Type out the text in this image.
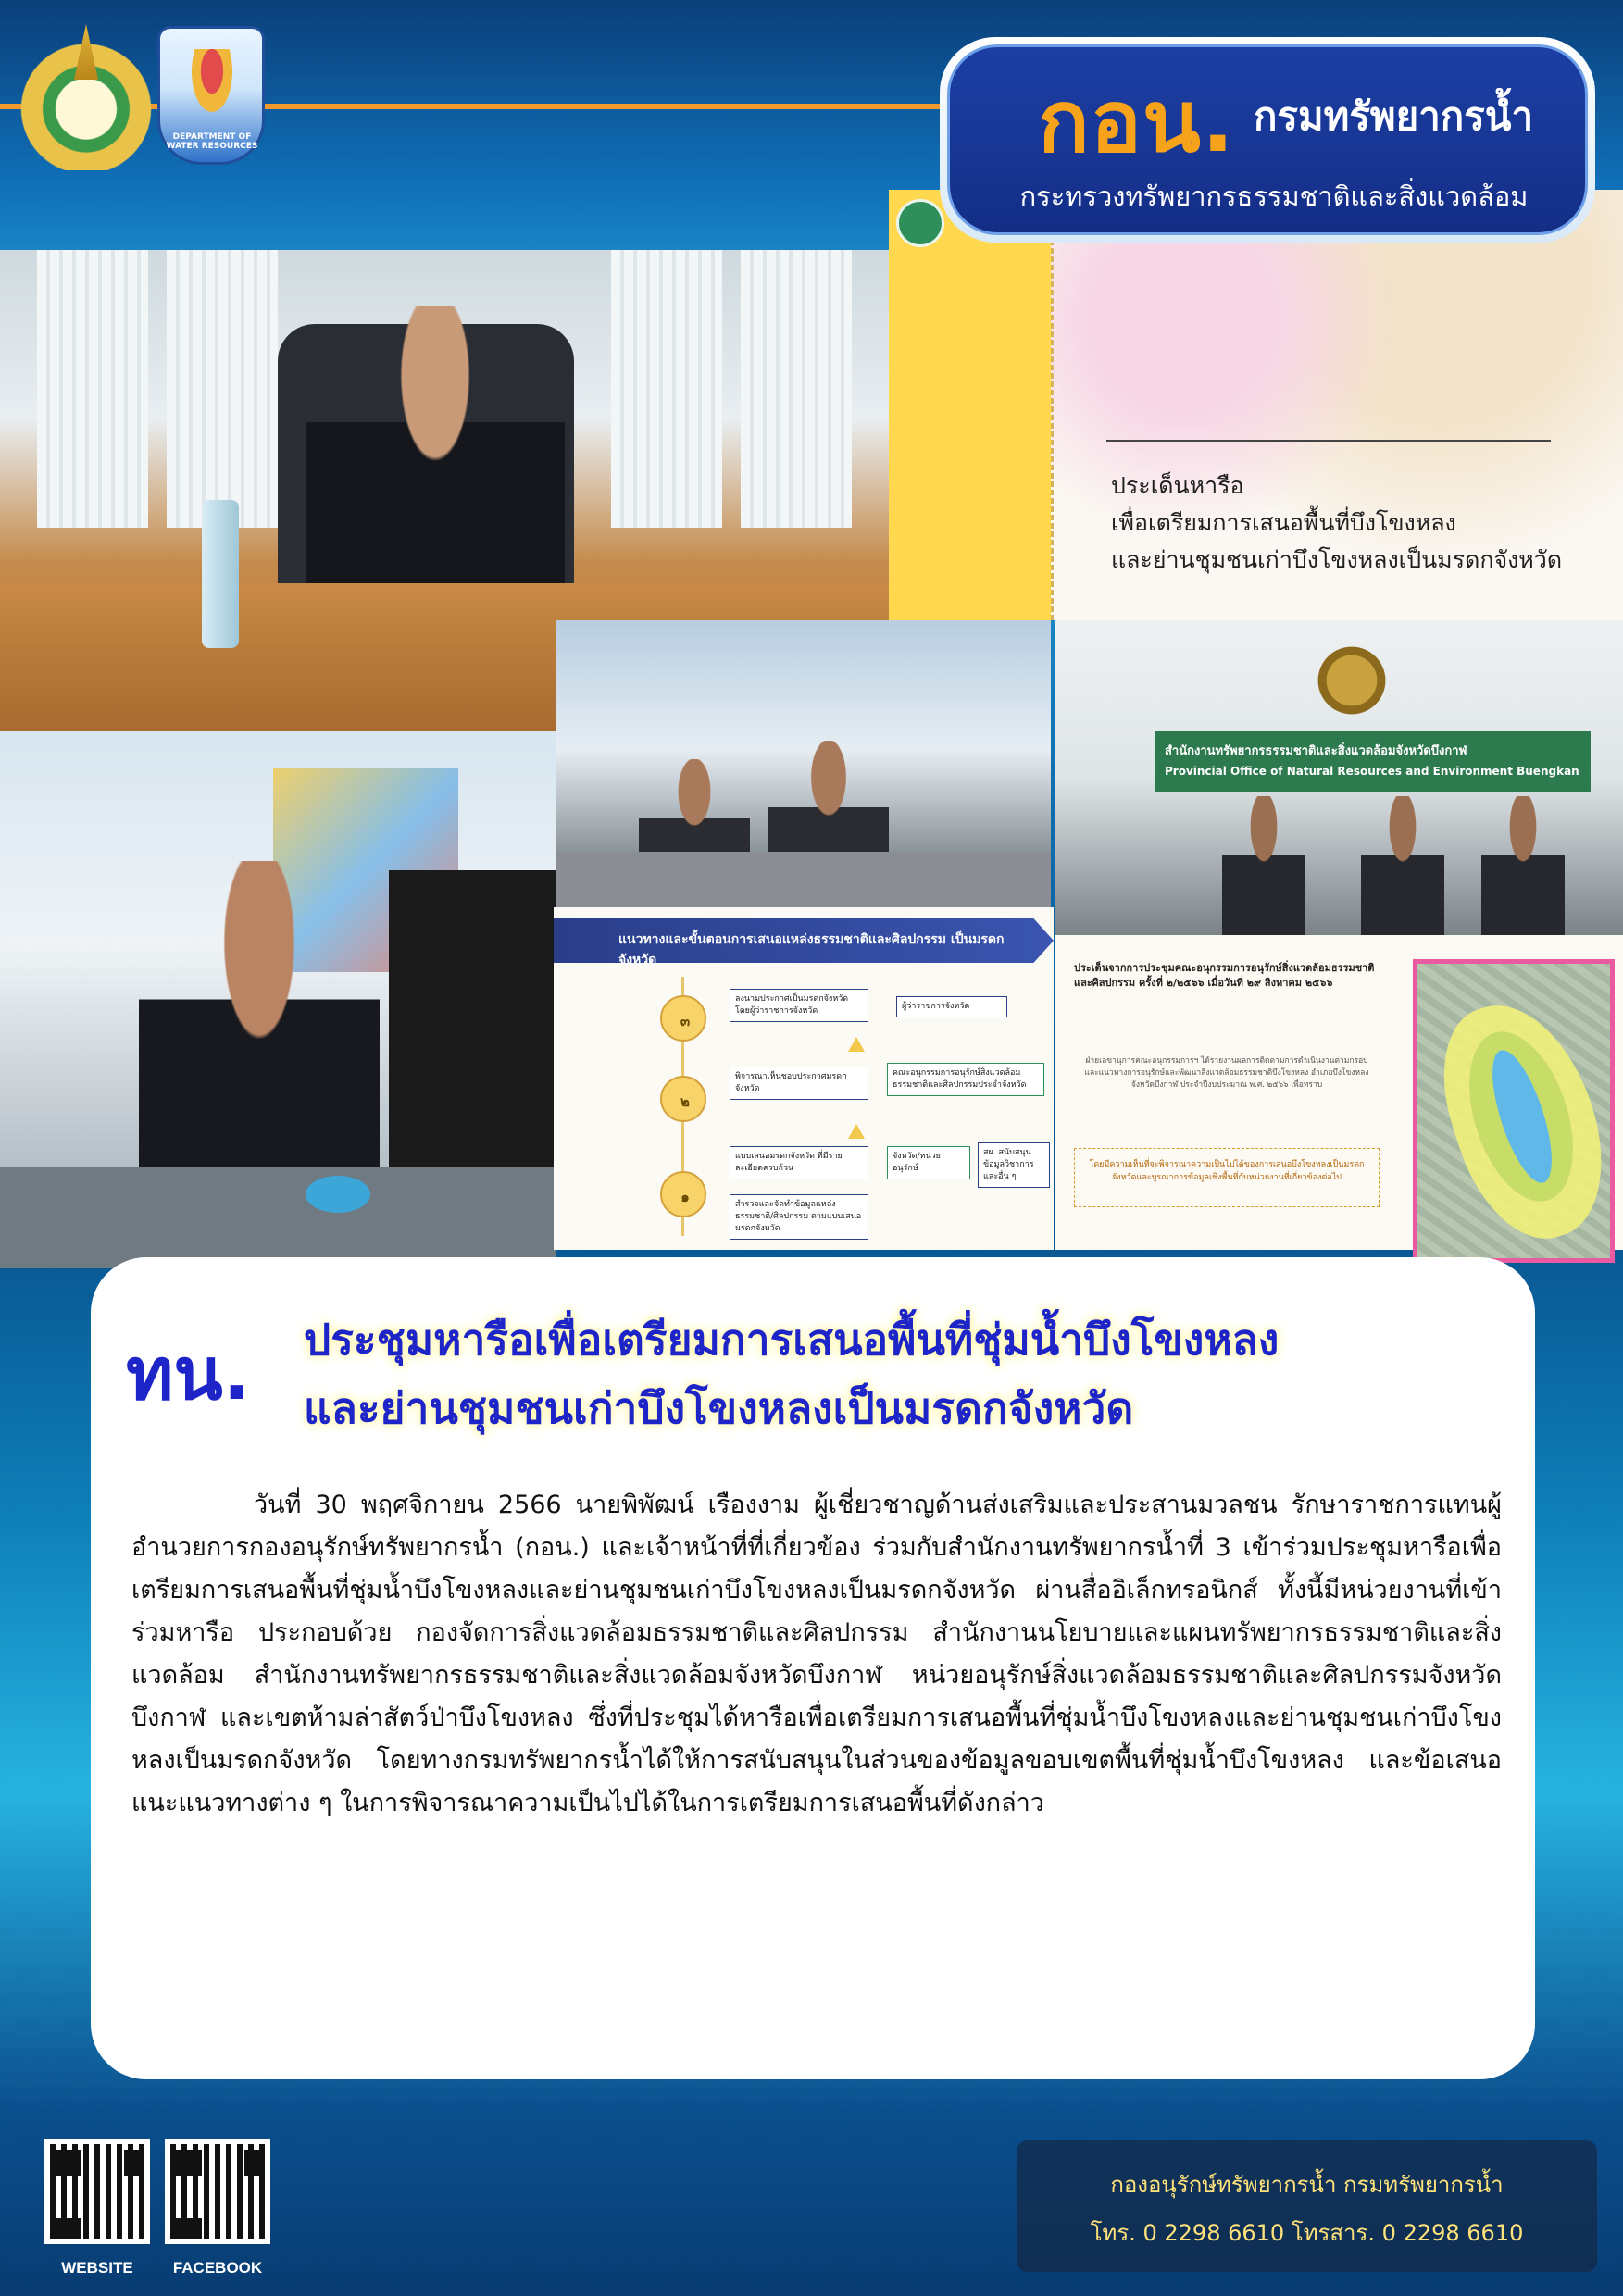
DEPARTMENT OF WATER RESOURCES
ประเด็นหารือ
เพื่อเตรียมการเสนอพื้นที่บึงโขงหลง
และย่านชุมชนเก่าบึงโขงหลงเป็นมรดกจังหวัด
กอน. กรมทรัพยากรน้ำ
กระทรวงทรัพยากรธรรมชาติและสิ่งแวดล้อม
สำนักงานทรัพยากรธรรมชาติและสิ่งแวดล้อมจังหวัดบึงกาฬ
Provincial Office of Natural Resources and Environment Buengkan
แนวทางและขั้นตอนการเสนอแหล่งธรรมชาติและศิลปกรรม เป็นมรดกจังหวัด
๓
ลงนามประกาศเป็นมรดกจังหวัดโดยผู้ว่าราชการจังหวัด	ผู้ว่าราชการจังหวัด
๒
พิจารณาเห็นชอบประกาศมรดกจังหวัด
คณะอนุกรรมการอนุรักษ์สิ่งแวดล้อมธรรมชาติและศิลปกรรมประจำจังหวัด
๑
แบบเสนอมรดกจังหวัด ที่มีรายละเอียดครบถ้วน
จังหวัด/หน่วยอนุรักษ์
สผ. สนับสนุนข้อมูลวิชาการ และอื่น ๆ
สำรวจและจัดทำข้อมูลแหล่งธรรมชาติ/ศิลปกรรม ตามแบบเสนอมรดกจังหวัด
ประเด็นจากการประชุมคณะอนุกรรมการอนุรักษ์สิ่งแวดล้อมธรรมชาติและศิลปกรรม ครั้งที่ ๒/๒๕๖๖ เมื่อวันที่ ๒๙ สิงหาคม ๒๕๖๖
ฝ่ายเลขานุการคณะอนุกรรมการฯ ได้รายงานผลการติดตามการดำเนินงานตามกรอบและแนวทางการอนุรักษ์และพัฒนาสิ่งแวดล้อมธรรมชาติบึงโขงหลง อำเภอบึงโขงหลง จังหวัดบึงกาฬ ประจำปีงบประมาณ พ.ศ. ๒๕๖๖ เพื่อทราบ
โดยมีความเห็นที่จะพิจารณาความเป็นไปได้ของการเสนอบึงโขงหลงเป็นมรดกจังหวัดและบูรณาการข้อมูลเชิงพื้นที่กับหน่วยงานที่เกี่ยวข้องต่อไป
ทน. ประชุมหารือเพื่อเตรียมการเสนอพื้นที่ชุ่มน้ำบึงโขงหลง
และย่านชุมชนเก่าบึงโขงหลงเป็นมรดกจังหวัด
วันที่ 30 พฤศจิกายน 2566 นายพิพัฒน์ เรืองงาม ผู้เชี่ยวชาญด้านส่งเสริมและประสานมวลชน รักษาราชการแทนผู้อำนวยการกองอนุรักษ์ทรัพยากรน้ำ (กอน.) และเจ้าหน้าที่ที่เกี่ยวข้อง ร่วมกับสำนักงานทรัพยากรน้ำที่ 3 เข้าร่วมประชุมหารือเพื่อเตรียมการเสนอพื้นที่ชุ่มน้ำบึงโขงหลงและย่านชุมชนเก่าบึงโขงหลงเป็นมรดกจังหวัด ผ่านสื่ออิเล็กทรอนิกส์ ทั้งนี้มีหน่วยงานที่เข้าร่วมหารือ ประกอบด้วย กองจัดการสิ่งแวดล้อมธรรมชาติและศิลปกรรม สำนักงานนโยบายและแผนทรัพยากรธรรมชาติและสิ่งแวดล้อม สำนักงานทรัพยากรธรรมชาติและสิ่งแวดล้อมจังหวัดบึงกาฬ หน่วยอนุรักษ์สิ่งแวดล้อมธรรมชาติและศิลปกรรมจังหวัดบึงกาฬ และเขตห้ามล่าสัตว์ป่าบึงโขงหลง ซึ่งที่ประชุมได้หารือเพื่อเตรียมการเสนอพื้นที่ชุ่มน้ำบึงโขงหลงและย่านชุมชนเก่าบึงโขงหลงเป็นมรดกจังหวัด โดยทางกรมทรัพยากรน้ำได้ให้การสนับสนุนในส่วนของข้อมูลขอบเขตพื้นที่ชุ่มน้ำบึงโขงหลง และข้อเสนอแนะแนวทางต่าง ๆ ในการพิจารณาความเป็นไปได้ในการเตรียมการเสนอพื้นที่ดังกล่าว
WEBSITE	FACEBOOK
กองอนุรักษ์ทรัพยากรน้ำ กรมทรัพยากรน้ำ
โทร. 0 2298 6610 โทรสาร. 0 2298 6610
